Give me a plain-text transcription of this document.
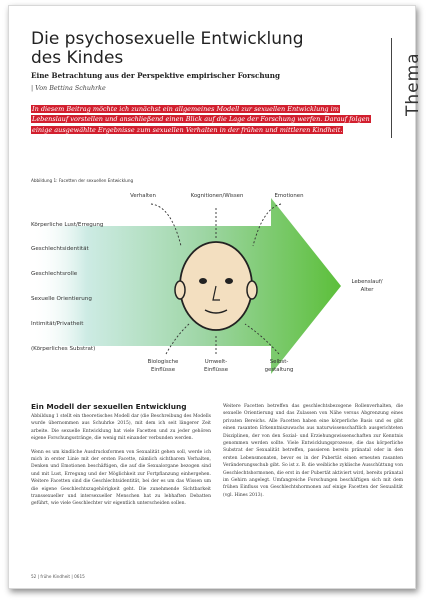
Die psychosexuelle Entwicklung
des Kindes
Eine Betrachtung aus der Perspektive empirischer Forschung
| Von Bettina Schuhrke	Thema
In diesem Beitrag möchte ich zunächst ein allgemeines Modell zur sexuellen Entwicklung im Lebenslauf vorstellen und anschließend einen Blick auf die Lage der Forschung werfen. Darauf folgen einige ausgewählte Ergebnisse zum sexuellen Verhalten in der frühen und mittleren Kindheit.
Abbildung 1: Facetten der sexuellen Entwicklung
Körperliche Lust/Erregung
Geschlechtsidentität
Geschlechtsrolle
Sexuelle Orientierung
Intimität/Privatheit
(Körperliches Substrat)
Verhalten	Kognitionen/Wissen	Emotionen
Biologische Einflüsse
Umwelt-Einflüsse
Selbst-gestaltung
Lebenslauf/ Alter
Ein Modell der sexuellen Entwicklung

Abbildung 1 stellt ein theoretisches Modell dar (die Beschreibung des Modells wurde übernommen aus Schuhrke 2015), mit dem ich seit längerer Zeit arbeite. Die sexuelle Entwicklung hat viele Facetten und zu jeder gehören eigene Forschungsstränge, die wenig mit einander verbunden werden.

Wenn es um kindliche Ausdrucksformen von Sexualität gehen soll, werde ich mich in erster Linie mit der ersten Facette, nämlich sichtbarem Verhalten, Denken und Emotionen beschäftigen, die auf die Sexualorgane bezogen sind und mit Lust, Erregung und der Möglichkeit zur Fortpflanzung einhergehen. Weitere Facetten sind die Geschlechtsidentität, bei der es um das Wissen um die eigene Geschlechtszugehörigkeit geht. Die zunehmende Sichtbarkeit transsexueller und intersexueller Menschen hat zu lebhaften Debatten geführt, wie viele Geschlechter wir eigentlich unterscheiden sollen.

Weitere Facetten betreffen das geschlechtsbezogene Rollenverhalten, die sexuelle Orientierung und das Zulassen von Nähe versus Abgrenzung eines privaten Bereichs. Alle Facetten haben eine körperliche Basis und es gibt einen rasanten Erkenntniszuwachs aus naturwissenschaftlich ausgerichteten Disziplinen, der von den Sozial- und Erziehungswissenschaften zur Kenntnis genommen werden sollte. Viele Entwicklungsprozesse, die das körperliche Substrat der Sexualität betreffen, passieren bereits pränatal oder in den ersten Lebensmonaten, bevor es in der Pubertät einen erneuten rasanten Veränderungsschub gibt. So ist z. B. die weibliche zyklische Ausschüttung von Geschlechtshormonen, die erst in der Pubertät aktiviert wird, bereits pränatal im Gehirn angelegt. Umfangreiche Forschungen beschäftigen sich mit dem frühen Einfluss von Geschlechtshormonen auf einige Facetten der Sexualität (vgl. Hines 2013).

52 | frühe Kindheit | 0615
